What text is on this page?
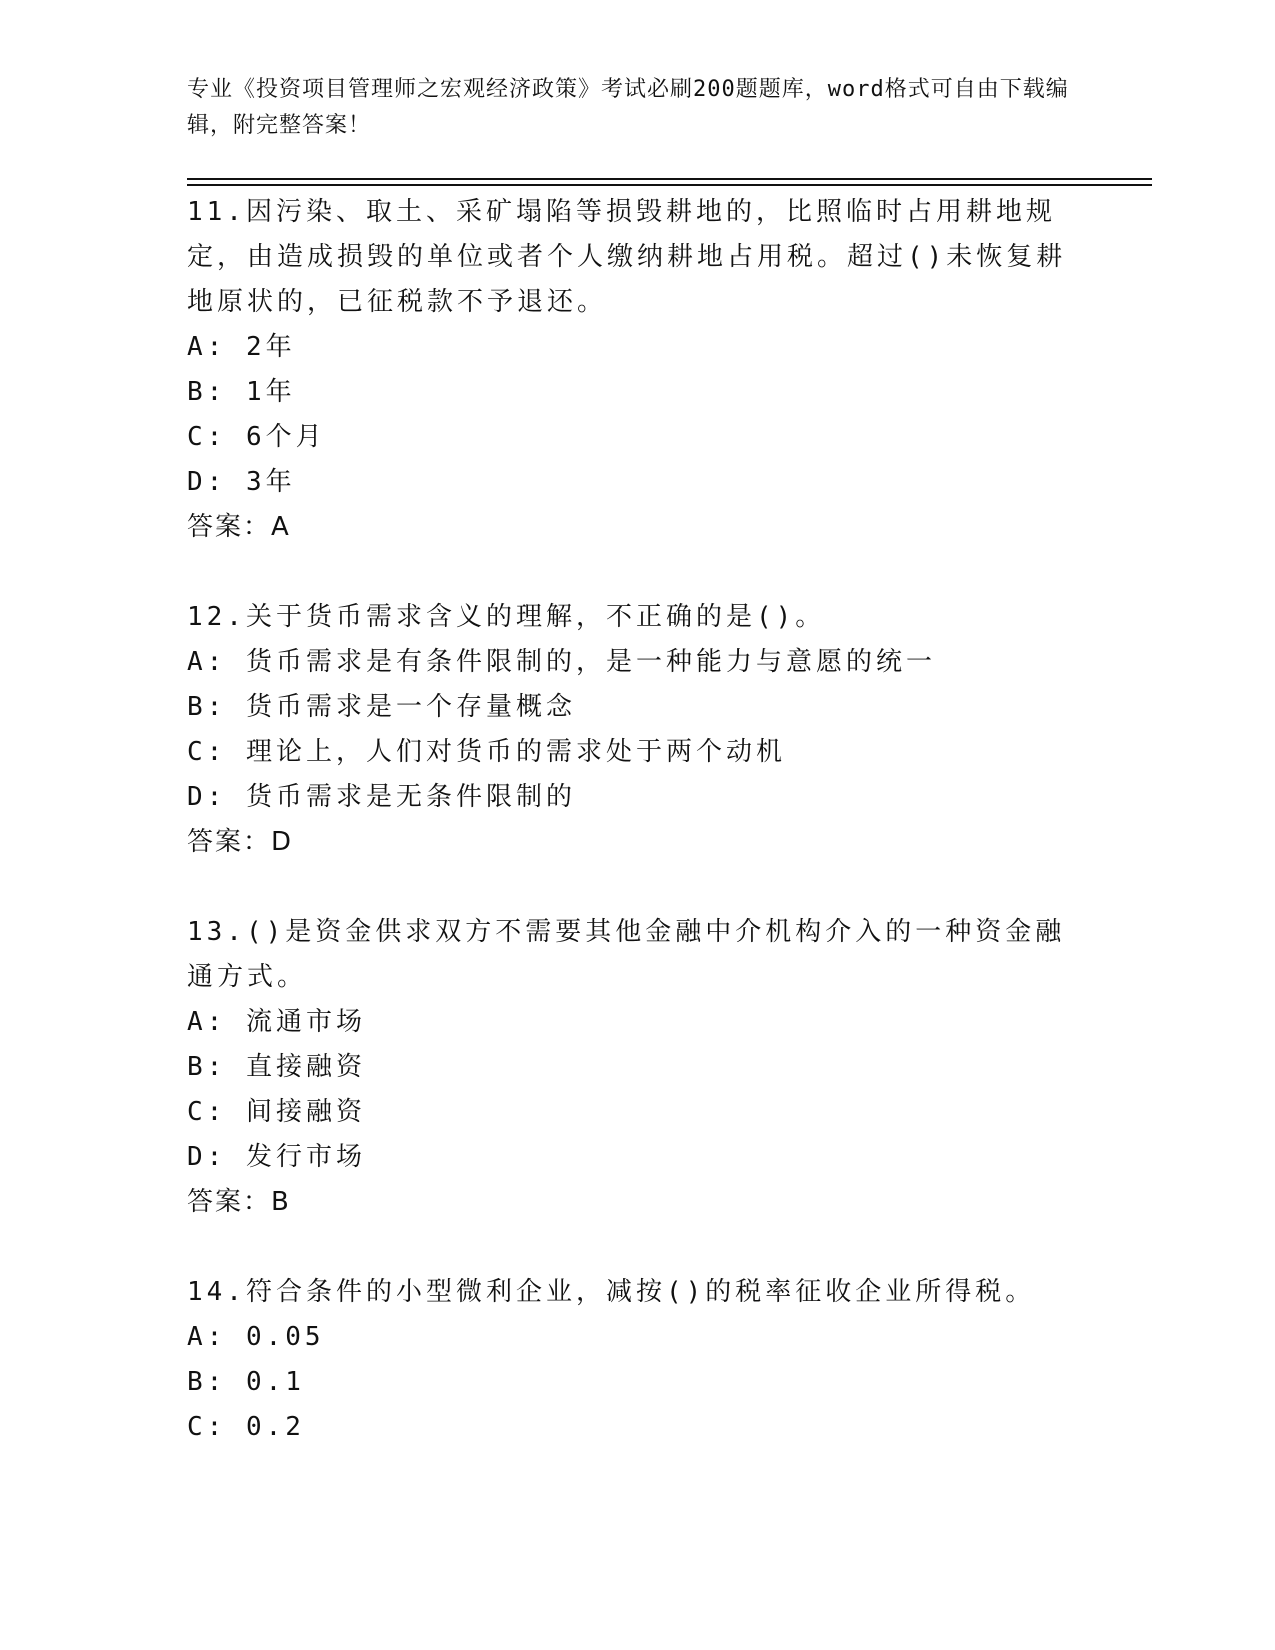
专业《投资项目管理师之宏观经济政策》考试必刷200题题库，word格式可自由下载编辑，附完整答案！
11.因污染、取土、采矿塌陷等损毁耕地的，比照临时占用耕地规定，由造成损毁的单位或者个人缴纳耕地占用税。超过()未恢复耕地原状的，已征税款不予退还。
A: 2年
B: 1年
C: 6个月
D: 3年
答案：A
12.关于货币需求含义的理解，不正确的是()。
A: 货币需求是有条件限制的，是一种能力与意愿的统一
B: 货币需求是一个存量概念
C: 理论上，人们对货币的需求处于两个动机
D: 货币需求是无条件限制的
答案：D
13.()是资金供求双方不需要其他金融中介机构介入的一种资金融通方式。
A: 流通市场
B: 直接融资
C: 间接融资
D: 发行市场
答案：B
14.符合条件的小型微利企业，减按()的税率征收企业所得税。
A: 0.05
B: 0.1
C: 0.2
